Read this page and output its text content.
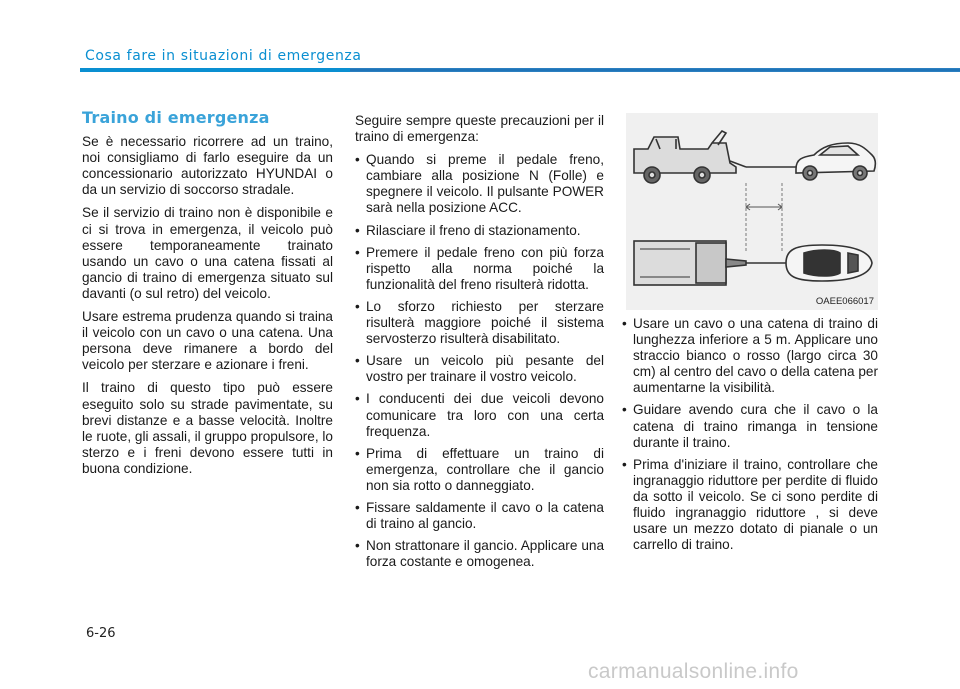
Cosa fare in situazioni di emergenza
Traino di emergenza

Se è necessario ricorrere ad un traino, noi consigliamo di farlo eseguire da un concessionario autorizzato HYUNDAI o da un servizio di soccorso stradale.

Se il servizio di traino non è disponibile e ci si trova in emergenza, il veicolo può essere temporaneamente trainato usando un cavo o una catena fissati al gancio di traino di emergenza situato sul davanti (o sul retro) del veicolo.

Usare estrema prudenza quando si traina il veicolo con un cavo o una catena. Una persona deve rimanere a bordo del veicolo per sterzare e azionare i freni.

Il traino di questo tipo può essere eseguito solo su strade pavimentate, su brevi distanze e a basse velocità. Inoltre le ruote, gli assali, il gruppo propulsore, lo sterzo e i freni devono essere tutti in buona condizione.

Seguire sempre queste precauzioni per il traino di emergenza:

• Quando si preme il pedale freno, cambiare alla posizione N (Folle) e spegnere il veicolo. Il pulsante POWER sarà nella posizione ACC.
• Rilasciare il freno di stazionamento.
• Premere il pedale freno con più forza rispetto alla norma poiché la funzionalità del freno risulterà ridotta.
• Lo sforzo richiesto per sterzare risulterà maggiore poiché il sistema servosterzo risulterà disabilitato.
• Usare un veicolo più pesante del vostro per trainare il vostro veicolo.
• I conducenti dei due veicoli devono comunicare tra loro con una certa frequenza.
• Prima di effettuare un traino di emergenza, controllare che il gancio non sia rotto o danneggiato.
• Fissare saldamente il cavo o la catena di traino al gancio.
• Non strattonare il gancio. Applicare una forza costante e omogenea.
OAEE066017
• Usare un cavo o una catena di traino di lunghezza inferiore a 5 m. Applicare uno straccio bianco o rosso (largo circa 30 cm) al centro del cavo o della catena per aumentarne la visibilità.
• Guidare avendo cura che il cavo o la catena di traino rimanga in tensione durante il traino.
• Prima d'iniziare il traino, controllare che ingranaggio riduttore per perdite di fluido da sotto il veicolo. Se ci sono perdite di fluido ingranaggio riduttore , si deve usare un mezzo dotato di pianale o un carrello di traino.
6-26
carmanualsonline.info
